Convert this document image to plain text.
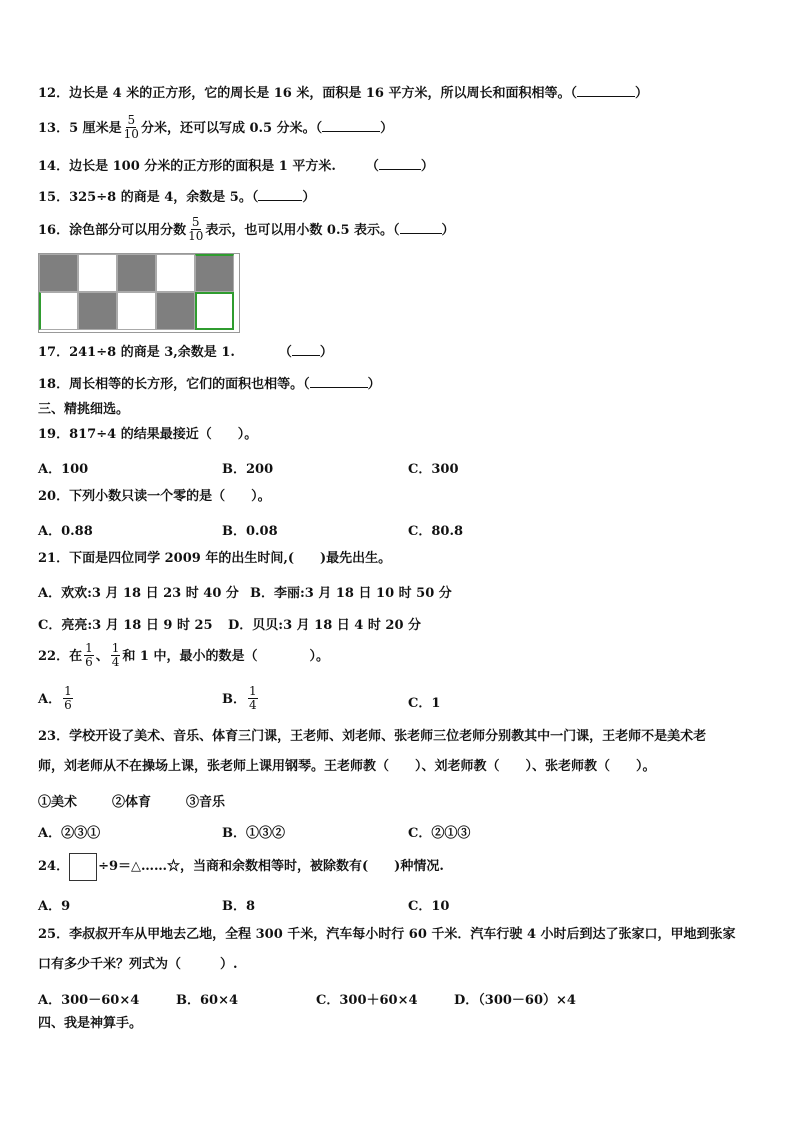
12．边长是 4 米的正方形，它的周长是 16 米，面积是 16 平方米，所以周长和面积相等。（	）
13．5 厘米是 $\frac{5}{10}$ 分米，还可以写成 0.5 分米。（	）
14．边长是 100 分米的正方形的面积是 1 平方米. （	）
15．325÷8 的商是 4，余数是 5。（	）
16．涂色部分可以用分数 $\frac{5}{10}$ 表示，也可以用小数 0.5 表示。（	）
17．241÷8 的商是 3,余数是 1.	（ ）
18．周长相等的长方形，它们的面积也相等。（	）
三、精挑细选。
19．817÷4 的结果最接近（　　）。
A．100	B．200	C．300
20．下列小数只读一个零的是（　　）。
A．0.88	B．0.08	C．80.8
21．下面是四位同学 2009 年的出生时间,(　　)最先出生。
A．欢欢:3 月 18 日 23 时 40 分 B．李丽:3 月 18 日 10 时 50 分
C．亮亮:3 月 18 日 9 时 25 D．贝贝:3 月 18 日 4 时 20 分
22．在 $\frac{1}{6}$ 、 $\frac{1}{4}$ 和 1 中，最小的数是（　　　　）。
A． $\frac{1}{6}$	B． $\frac{1}{4}$	C．1
23．学校开设了美术、音乐、体育三门课，王老师、刘老师、张老师三位老师分别教其中一门课，王老师不是美术老
师，刘老师从不在操场上课，张老师上课用钢琴。王老师教（　　）、刘老师教（　　）、张老师教（　　）。
①美术	②体育	③音乐
A．②③①	B．①③②	C．②①③
24． ÷9＝△……☆，当商和余数相等时，被除数有(　　)种情况.
A．9	B．8	C．10
25．李叔叔开车从甲地去乙地，全程 300 千米，汽车每小时行 60 千米．汽车行驶 4 小时后到达了张家口，甲地到张家
口有多少千米？列式为（　　　）.
A．300－60×4	B．60×4	C．300＋60×4	D．（300－60）×4
四、我是神算手。
